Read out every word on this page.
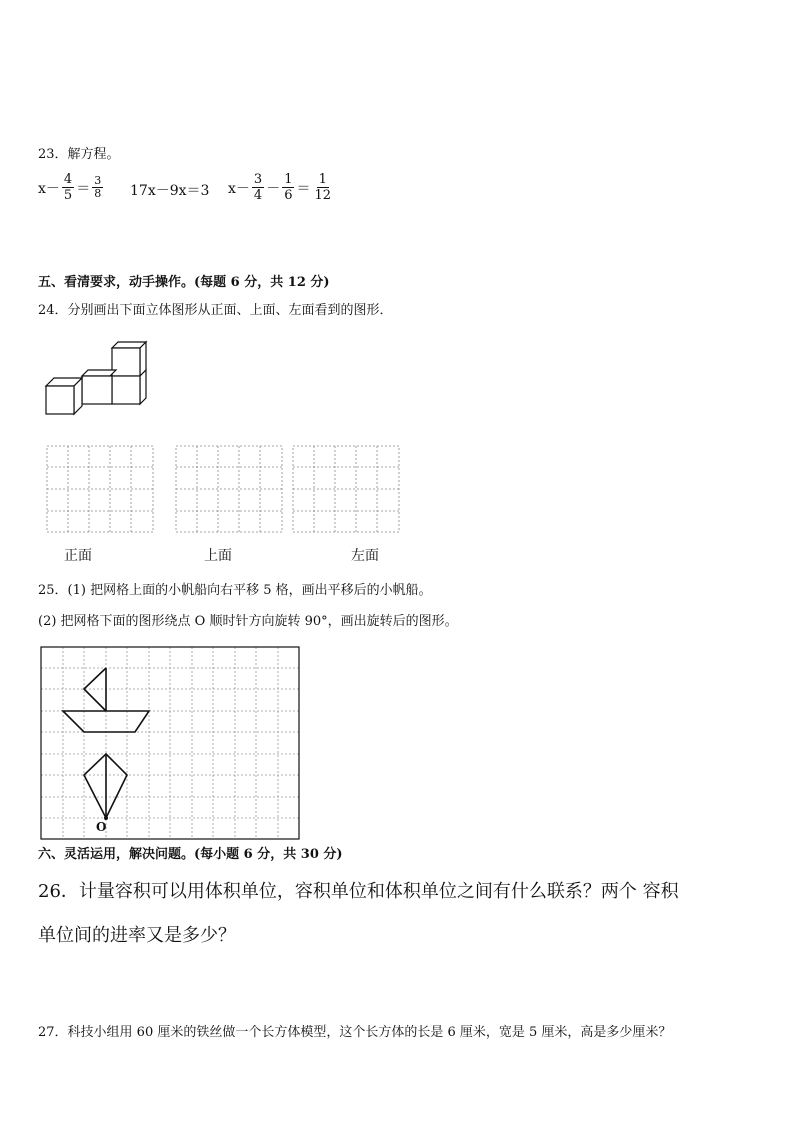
23．解方程。
$x- \frac{4}{5} = \frac{3}{8} 17x-9x=3$ $x- \frac{3}{4} - \frac{1}{6} = \frac{1}{12}$
五、看清要求，动手操作。(每题 6 分，共 12 分)
24．分别画出下面立体图形从正面、上面、左面看到的图形．
正面	上面	左面
25．(1) 把网格上面的小帆船向右平移 5 格，画出平移后的小帆船。
(2) 把网格下面的图形绕点 O 顺时针方向旋转 90°，画出旋转后的图形。
O
六、灵活运用，解决问题。(每小题 6 分，共 30 分)
26．计量容积可以用体积单位，容积单位和体积单位之间有什么联系？两个 容积
单位间的进率又是多少？
27．科技小组用 60 厘米的铁丝做一个长方体模型，这个长方体的长是 6 厘米，宽是 5 厘米，高是多少厘米？
